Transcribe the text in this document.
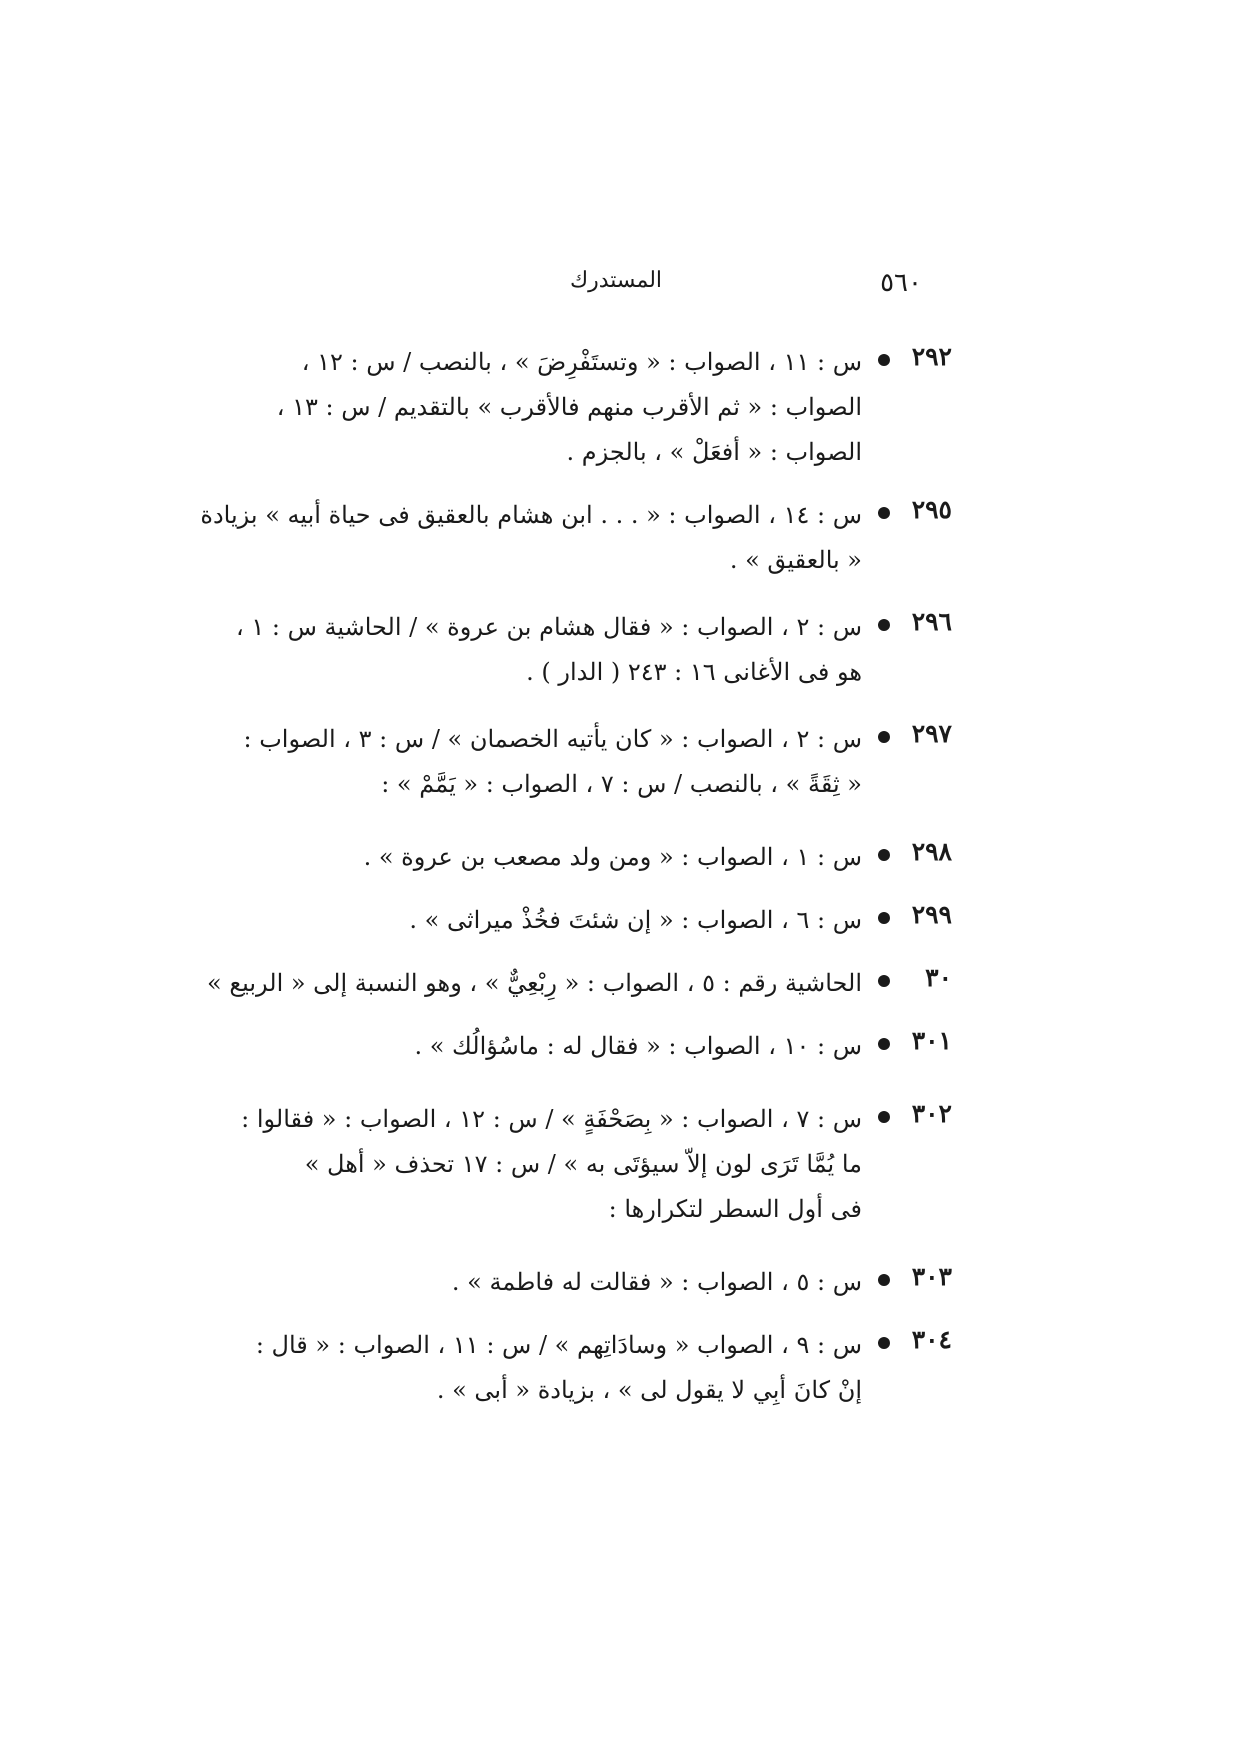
٥٦٠
المستدرك
٢٩٢
س : ١١ ، الصواب : « وتستَفْرِضَ » ، بالنصب / س : ١٢ ،
الصواب : « ثم الأقرب منهم فالأقرب » بالتقديم / س : ١٣ ،
الصواب : « أفعَلْ » ، بالجزم .
٢٩٥
س : ١٤ ، الصواب : « . . . ابن هشام بالعقيق فى حياة أبيه » بزيادة
« بالعقيق » .
٢٩٦
س : ٢ ، الصواب : « فقال هشام بن عروة » / الحاشية س : ١ ،
هو فى الأغانى ١٦ : ٢٤٣ ( الدار ) .
٢٩٧
س : ٢ ، الصواب : « كان يأتيه الخصمان » / س : ٣ ، الصواب :
« ثِقَةً » ، بالنصب / س : ٧ ، الصواب : « يَمَّمْ » :
٢٩٨
س : ١ ، الصواب : « ومن ولد مصعب بن عروة » .
٢٩٩
س : ٦ ، الصواب : « إن شئتَ فخُذْ ميراثى » .
٣٠
الحاشية رقم : ٥ ، الصواب : « رِبْعِيٌّ » ، وهو النسبة إلى « الربيع »
٣٠١
س : ١٠ ، الصواب : « فقال له : ماسُؤالُك » .
٣٠٢
س : ٧ ، الصواب : « بِصَحْفَةٍ » / س : ١٢ ، الصواب : « فقالوا :
ما يُمَّا تَرَى لون إلاّ سيؤتَى به » / س : ١٧ تحذف « أهل »
فى أول السطر لتكرارها :
٣٠٣
س : ٥ ، الصواب : « فقالت له فاطمة » .
٣٠٤
س : ٩ ، الصواب « وسادَاتِهم » / س : ١١ ، الصواب : « قال :
إنْ كانَ أبِي لا يقول لى » ، بزيادة « أبى » .
